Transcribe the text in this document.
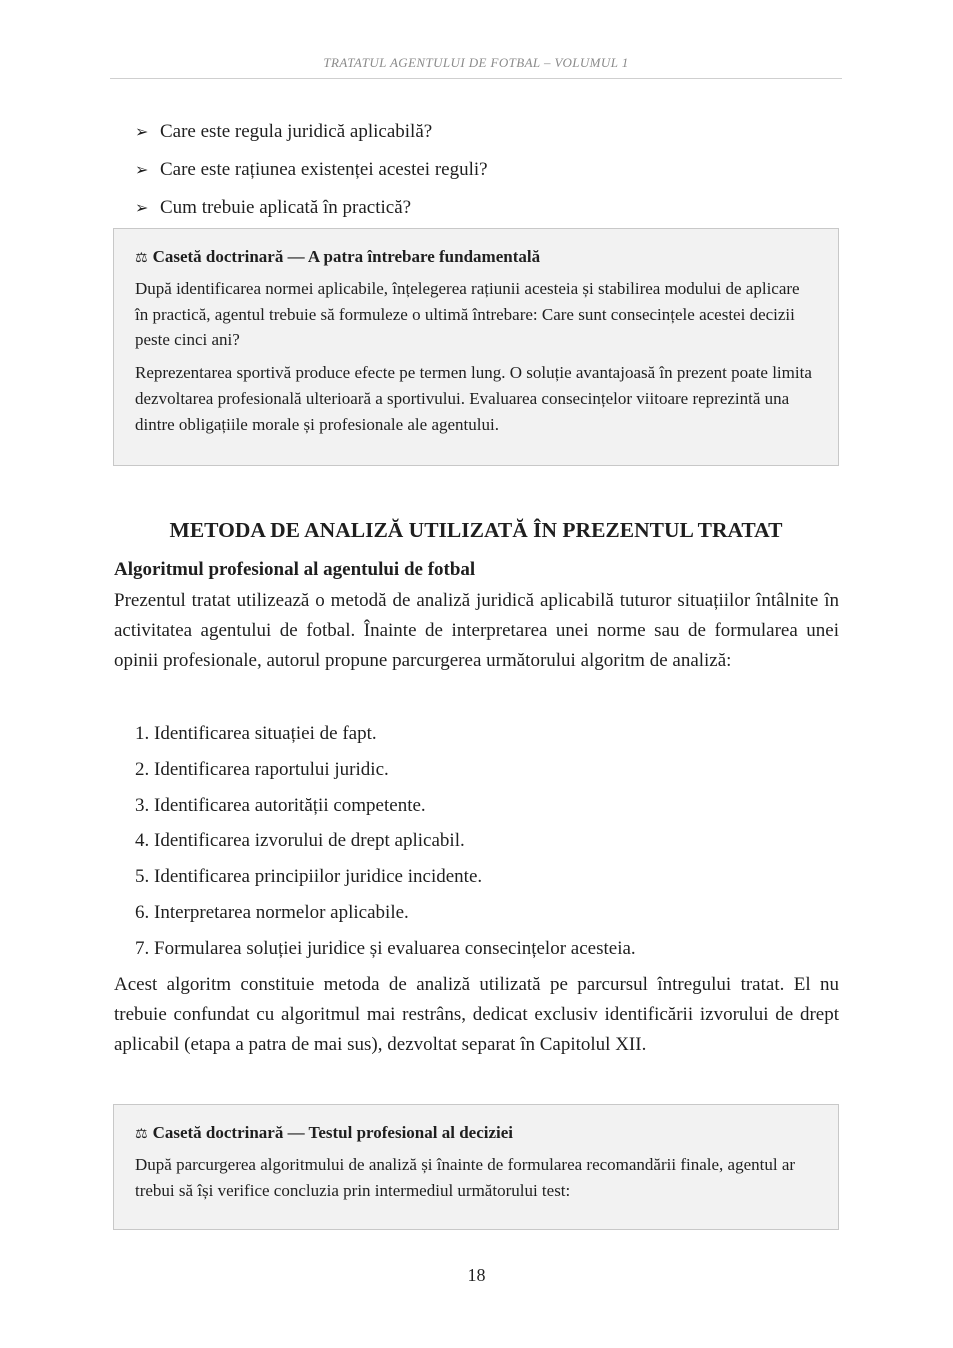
TRATATUL AGENTULUI DE FOTBAL – VOLUMUL 1
➢ Care este regula juridică aplicabilă?
➢ Care este rațiunea existenței acestei reguli?
➢ Cum trebuie aplicată în practică?
⚖ Casetă doctrinară — A patra întrebare fundamentală

După identificarea normei aplicabile, înțelegerea rațiunii acesteia și stabilirea modului de aplicare în practică, agentul trebuie să formuleze o ultimă întrebare: Care sunt consecințele acestei decizii peste cinci ani?

Reprezentarea sportivă produce efecte pe termen lung. O soluție avantajoasă în prezent poate limita dezvoltarea profesională ulterioară a sportivului. Evaluarea consecințelor viitoare reprezintă una dintre obligațiile morale și profesionale ale agentului.

METODA DE ANALIZĂ UTILIZATĂ ÎN PREZENTUL TRATAT
Algoritmul profesional al agentului de fotbal

Prezentul tratat utilizează o metodă de analiză juridică aplicabilă tuturor situațiilor întâlnite în activitatea agentului de fotbal. Înainte de interpretarea unei norme sau de formularea unei opinii profesionale, autorul propune parcurgerea următorului algoritm de analiză:

1. Identificarea situației de fapt.
2. Identificarea raportului juridic.
3. Identificarea autorității competente.
4. Identificarea izvorului de drept aplicabil.
5. Identificarea principiilor juridice incidente.
6. Interpretarea normelor aplicabile.
7. Formularea soluției juridice și evaluarea consecințelor acesteia.

Acest algoritm constituie metoda de analiză utilizată pe parcursul întregului tratat. El nu trebuie confundat cu algoritmul mai restrâns, dedicat exclusiv identificării izvorului de drept aplicabil (etapa a patra de mai sus), dezvoltat separat în Capitolul XII.

⚖ Casetă doctrinară — Testul profesional al deciziei

După parcurgerea algoritmului de analiză și înainte de formularea recomandării finale, agentul ar trebui să își verifice concluzia prin intermediul următorului test:

18
